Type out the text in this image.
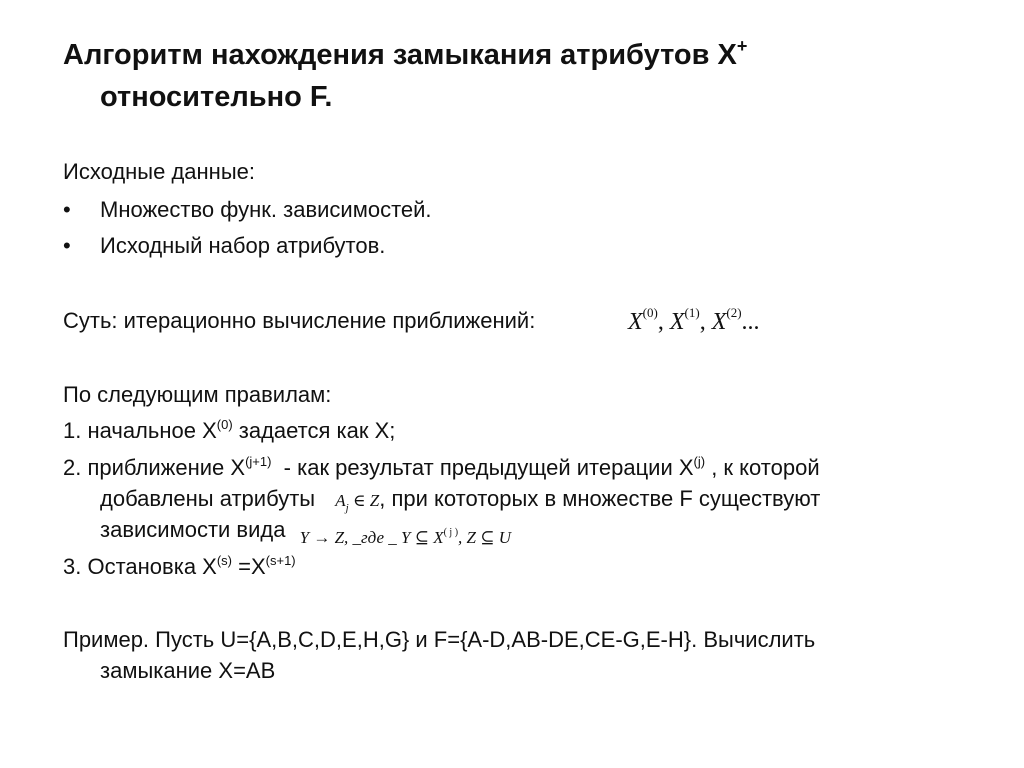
Алгоритм нахождения замыкания атрибутов X+
относительно F.
Исходные данные:
• Множество функ. зависимостей.
• Исходный набор атрибутов.
Суть: итерационно вычисление приближений:	$X^{(0)}$, $X^{(1)}$, $X^{(2)}$...
По следующим правилам:
1. начальное $X^{(0)}$ задается как X;
2. приближение $X^{(j+1)}$  - как результат предыдущей итерации $X^{(j)}$ , к которой
добавлены атрибуты $A_j$ ∈ Z, при кототорых в множестве F существуют
зависимости вида $_{Y \to Z, \_где \_ Y ⊆ X^{( j )}, Z ⊆ U}$
3. Остановка $X^{(s)} =X^{(s+1)}$
Пример. Пусть U={A,B,C,D,E,H,G} и F={A-D,AB-DE,CE-G,E-H}. Вычислить
замыкание X=AB
